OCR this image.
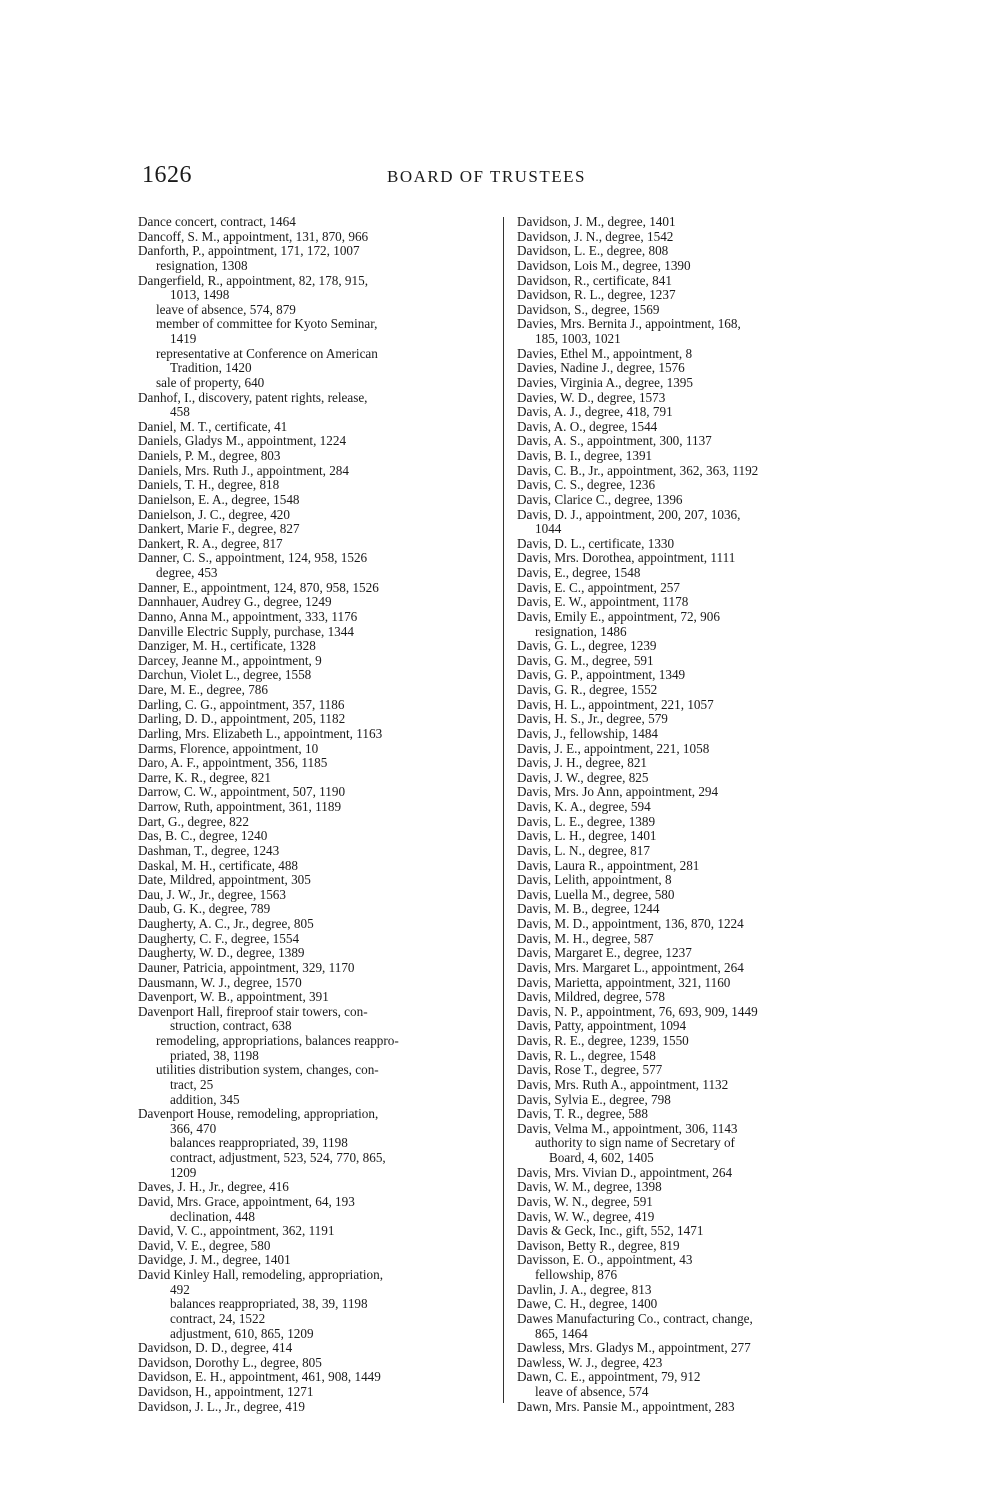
1626	BOARD OF TRUSTEES
Dance concert, contract, 1464
Dancoff, S. M., appointment, 131, 870, 966
Danforth, P., appointment, 171, 172, 1007
resignation, 1308
Dangerfield, R., appointment, 82, 178, 915,
1013, 1498
leave of absence, 574, 879
member of committee for Kyoto Seminar,
1419
representative at Conference on American
Tradition, 1420
sale of property, 640
Danhof, I., discovery, patent rights, release,
458
Daniel, M. T., certificate, 41
Daniels, Gladys M., appointment, 1224
Daniels, P. M., degree, 803
Daniels, Mrs. Ruth J., appointment, 284
Daniels, T. H., degree, 818
Danielson, E. A., degree, 1548
Danielson, J. C., degree, 420
Dankert, Marie F., degree, 827
Dankert, R. A., degree, 817
Danner, C. S., appointment, 124, 958, 1526
degree, 453
Danner, E., appointment, 124, 870, 958, 1526
Dannhauer, Audrey G., degree, 1249
Danno, Anna M., appointment, 333, 1176
Danville Electric Supply, purchase, 1344
Danziger, M. H., certificate, 1328
Darcey, Jeanne M., appointment, 9
Darchun, Violet L., degree, 1558
Dare, M. E., degree, 786
Darling, C. G., appointment, 357, 1186
Darling, D. D., appointment, 205, 1182
Darling, Mrs. Elizabeth L., appointment, 1163
Darms, Florence, appointment, 10
Daro, A. F., appointment, 356, 1185
Darre, K. R., degree, 821
Darrow, C. W., appointment, 507, 1190
Darrow, Ruth, appointment, 361, 1189
Dart, G., degree, 822
Das, B. C., degree, 1240
Dashman, T., degree, 1243
Daskal, M. H., certificate, 488
Date, Mildred, appointment, 305
Dau, J. W., Jr., degree, 1563
Daub, G. K., degree, 789
Daugherty, A. C., Jr., degree, 805
Daugherty, C. F., degree, 1554
Daugherty, W. D., degree, 1389
Dauner, Patricia, appointment, 329, 1170
Dausmann, W. J., degree, 1570
Davenport, W. B., appointment, 391
Davenport Hall, fireproof stair towers, con-
struction, contract, 638
remodeling, appropriations, balances reappro-
priated, 38, 1198
utilities distribution system, changes, con-
tract, 25
addition, 345
Davenport House, remodeling, appropriation,
366, 470
balances reappropriated, 39, 1198
contract, adjustment, 523, 524, 770, 865,
1209
Daves, J. H., Jr., degree, 416
David, Mrs. Grace, appointment, 64, 193
declination, 448
David, V. C., appointment, 362, 1191
David, V. E., degree, 580
Davidge, J. M., degree, 1401
David Kinley Hall, remodeling, appropriation,
492
balances reappropriated, 38, 39, 1198
contract, 24, 1522
adjustment, 610, 865, 1209
Davidson, D. D., degree, 414
Davidson, Dorothy L., degree, 805
Davidson, E. H., appointment, 461, 908, 1449
Davidson, H., appointment, 1271
Davidson, J. L., Jr., degree, 419
Davidson, J. M., degree, 1401
Davidson, J. N., degree, 1542
Davidson, L. E., degree, 808
Davidson, Lois M., degree, 1390
Davidson, R., certificate, 841
Davidson, R. L., degree, 1237
Davidson, S., degree, 1569
Davies, Mrs. Bernita J., appointment, 168,
185, 1003, 1021
Davies, Ethel M., appointment, 8
Davies, Nadine J., degree, 1576
Davies, Virginia A., degree, 1395
Davies, W. D., degree, 1573
Davis, A. J., degree, 418, 791
Davis, A. O., degree, 1544
Davis, A. S., appointment, 300, 1137
Davis, B. I., degree, 1391
Davis, C. B., Jr., appointment, 362, 363, 1192
Davis, C. S., degree, 1236
Davis, Clarice C., degree, 1396
Davis, D. J., appointment, 200, 207, 1036,
1044
Davis, D. L., certificate, 1330
Davis, Mrs. Dorothea, appointment, 1111
Davis, E., degree, 1548
Davis, E. C., appointment, 257
Davis, E. W., appointment, 1178
Davis, Emily E., appointment, 72, 906
resignation, 1486
Davis, G. L., degree, 1239
Davis, G. M., degree, 591
Davis, G. P., appointment, 1349
Davis, G. R., degree, 1552
Davis, H. L., appointment, 221, 1057
Davis, H. S., Jr., degree, 579
Davis, J., fellowship, 1484
Davis, J. E., appointment, 221, 1058
Davis, J. H., degree, 821
Davis, J. W., degree, 825
Davis, Mrs. Jo Ann, appointment, 294
Davis, K. A., degree, 594
Davis, L. E., degree, 1389
Davis, L. H., degree, 1401
Davis, L. N., degree, 817
Davis, Laura R., appointment, 281
Davis, Lelith, appointment, 8
Davis, Luella M., degree, 580
Davis, M. B., degree, 1244
Davis, M. D., appointment, 136, 870, 1224
Davis, M. H., degree, 587
Davis, Margaret E., degree, 1237
Davis, Mrs. Margaret L., appointment, 264
Davis, Marietta, appointment, 321, 1160
Davis, Mildred, degree, 578
Davis, N. P., appointment, 76, 693, 909, 1449
Davis, Patty, appointment, 1094
Davis, R. E., degree, 1239, 1550
Davis, R. L., degree, 1548
Davis, Rose T., degree, 577
Davis, Mrs. Ruth A., appointment, 1132
Davis, Sylvia E., degree, 798
Davis, T. R., degree, 588
Davis, Velma M., appointment, 306, 1143
authority to sign name of Secretary of
Board, 4, 602, 1405
Davis, Mrs. Vivian D., appointment, 264
Davis, W. M., degree, 1398
Davis, W. N., degree, 591
Davis, W. W., degree, 419
Davis & Geck, Inc., gift, 552, 1471
Davison, Betty R., degree, 819
Davisson, E. O., appointment, 43
fellowship, 876
Davlin, J. A., degree, 813
Dawe, C. H., degree, 1400
Dawes Manufacturing Co., contract, change,
865, 1464
Dawless, Mrs. Gladys M., appointment, 277
Dawless, W. J., degree, 423
Dawn, C. E., appointment, 79, 912
leave of absence, 574
Dawn, Mrs. Pansie M., appointment, 283
